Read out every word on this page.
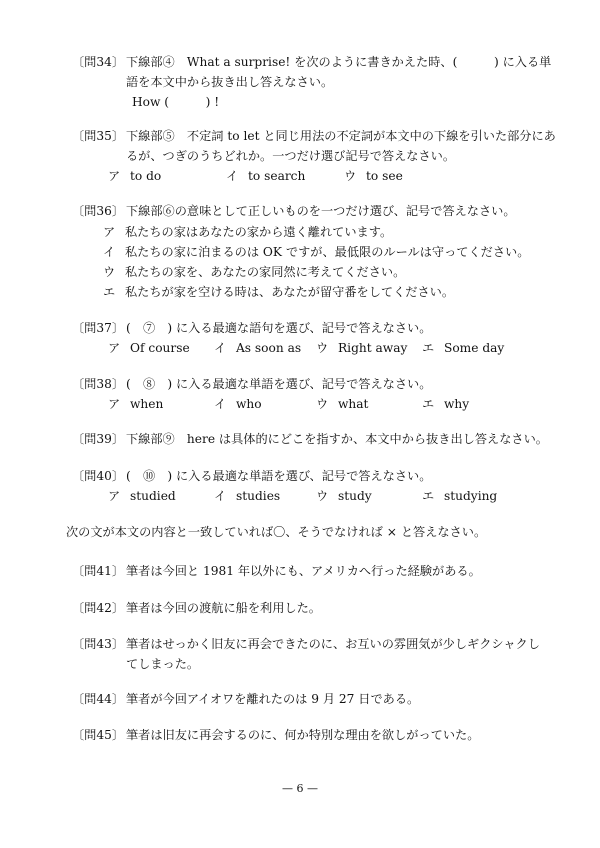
〔問34〕 下線部④　What a surprise! を次のように書きかえた時、(　　　) に入る単
語を本文中から抜き出し答えなさい。
How (　　　) !
〔問35〕 下線部⑤　不定詞 to let と同じ用法の不定詞が本文中の下線を引いた部分にあ
るが、つぎのうちどれか。一つだけ選び記号で答えなさい。
ア to do	イ to search	ウ to see
〔問36〕 下線部⑥の意味として正しいものを一つだけ選び、記号で答えなさい。
ア 私たちの家はあなたの家から遠く離れています。
イ 私たちの家に泊まるのは OK ですが、最低限のルールは守ってください。
ウ 私たちの家を、あなたの家同然に考えてください。
エ 私たちが家を空ける時は、あなたが留守番をしてください。
〔問37〕 (　⑦　) に入る最適な語句を選び、記号で答えなさい。
ア Of course イ As soon as ウ Right away エ Some day
〔問38〕 (　⑧　) に入る最適な単語を選び、記号で答えなさい。
ア when	イ who	ウ what	エ why
〔問39〕 下線部⑨　here は具体的にどこを指すか、本文中から抜き出し答えなさい。
〔問40〕 (　⑩　) に入る最適な単語を選び、記号で答えなさい。
ア studied	イ studies	ウ study	エ studying
次の文が本文の内容と一致していれば〇、そうでなければ × と答えなさい。
〔問41〕 筆者は今回と 1981 年以外にも、アメリカへ行った経験がある。
〔問42〕 筆者は今回の渡航に船を利用した。
〔問43〕 筆者はせっかく旧友に再会できたのに、お互いの雰囲気が少しギクシャクし
てしまった。
〔問44〕 筆者が今回アイオワを離れたのは 9 月 27 日である。
〔問45〕 筆者は旧友に再会するのに、何か特別な理由を欲しがっていた。
— 6 —
